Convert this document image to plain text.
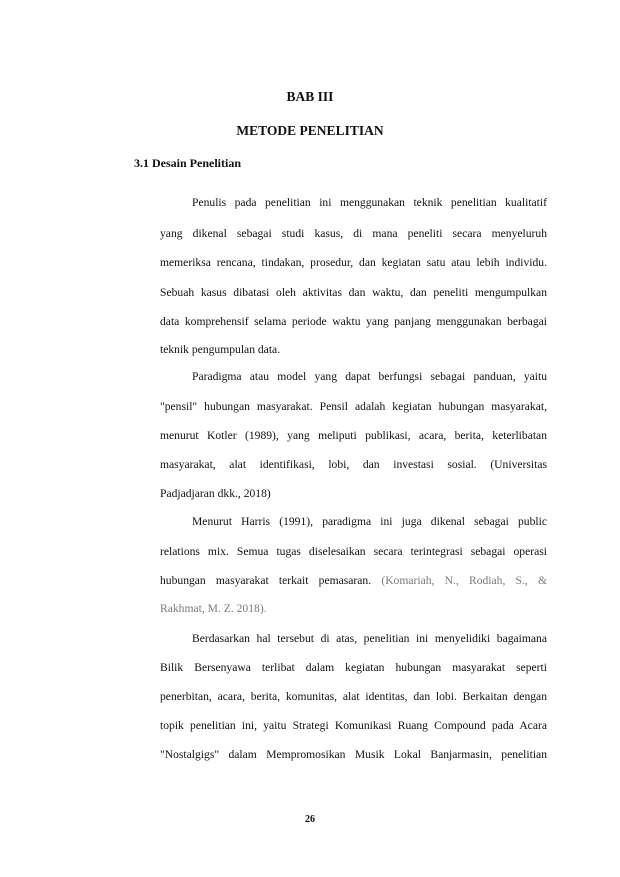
BAB III
METODE PENELITIAN
3.1 Desain Penelitian
Penulis pada penelitian ini menggunakan teknik penelitian kualitatif
yang dikenal sebagai studi kasus, di mana peneliti secara menyeluruh
memeriksa rencana, tindakan, prosedur, dan kegiatan satu atau lebih individu.
Sebuah kasus dibatasi oleh aktivitas dan waktu, dan peneliti mengumpulkan
data komprehensif selama periode waktu yang panjang menggunakan berbagai
teknik pengumpulan data.
Paradigma atau model yang dapat berfungsi sebagai panduan, yaitu
"pensil" hubungan masyarakat. Pensil adalah kegiatan hubungan masyarakat,
menurut Kotler (1989), yang meliputi publikasi, acara, berita, keterlibatan
masyarakat, alat identifikasi, lobi, dan investasi sosial. (Universitas
Padjadjaran dkk., 2018)
Menurut Harris (1991), paradigma ini juga dikenal sebagai public
relations mix. Semua tugas diselesaikan secara terintegrasi sebagai operasi
hubungan masyarakat terkait pemasaran. (Komariah, N., Rodiah, S., &
Rakhmat, M. Z. 2018).
Berdasarkan hal tersebut di atas, penelitian ini menyelidiki bagaimana
Bilik Bersenyawa terlibat dalam kegiatan hubungan masyarakat seperti
penerbitan, acara, berita, komunitas, alat identitas, dan lobi. Berkaitan dengan
topik penelitian ini, yaitu Strategi Komunikasi Ruang Compound pada Acara
"Nostalgigs" dalam Mempromosikan Musik Lokal Banjarmasin, penelitian
26
